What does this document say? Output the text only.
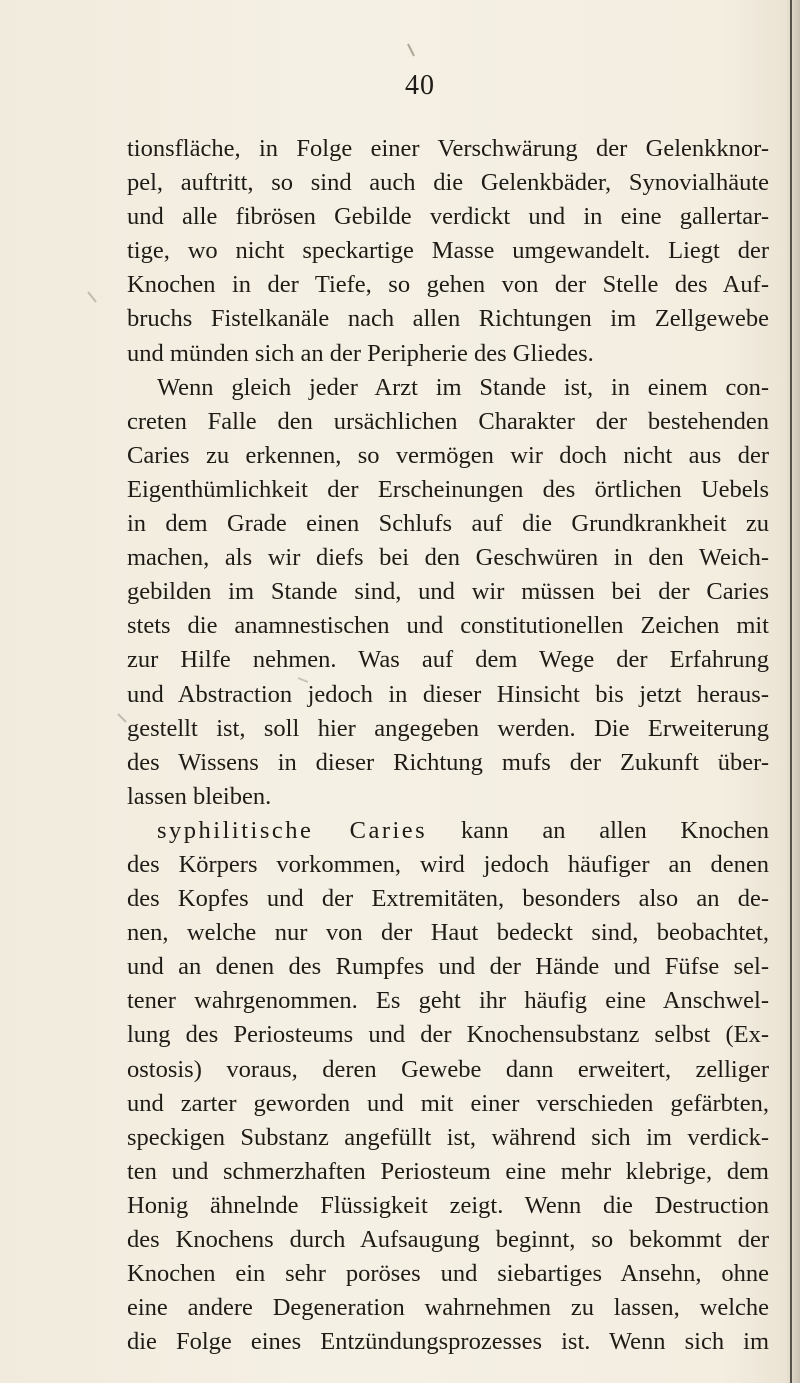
40
tionsfläche, in Folge einer Verschwärung der Gelenkknor-
pel, auftritt, so sind auch die Gelenkbäder, Synovialhäute
und alle fibrösen Gebilde verdickt und in eine gallertar-
tige, wo nicht speckartige Masse umgewandelt. Liegt der
Knochen in der Tiefe, so gehen von der Stelle des Auf-
bruchs Fistelkanäle nach allen Richtungen im Zellgewebe
und münden sich an der Peripherie des Gliedes.
Wenn gleich jeder Arzt im Stande ist, in einem con-
creten Falle den ursächlichen Charakter der bestehenden
Caries zu erkennen, so vermögen wir doch nicht aus der
Eigenthümlichkeit der Erscheinungen des örtlichen Uebels
in dem Grade einen Schlufs auf die Grundkrankheit zu
machen, als wir diefs bei den Geschwüren in den Weich-
gebilden im Stande sind, und wir müssen bei der Caries
stets die anamnestischen und constitutionellen Zeichen mit
zur Hilfe nehmen. Was auf dem Wege der Erfahrung
und Abstraction jedoch in dieser Hinsicht bis jetzt heraus-
gestellt ist, soll hier angegeben werden. Die Erweiterung
des Wissens in dieser Richtung mufs der Zukunft über-
lassen bleiben.
syphilitische Caries kann an allen Knochen
des Körpers vorkommen, wird jedoch häufiger an denen
des Kopfes und der Extremitäten, besonders also an de-
nen, welche nur von der Haut bedeckt sind, beobachtet,
und an denen des Rumpfes und der Hände und Füfse sel-
tener wahrgenommen. Es geht ihr häufig eine Anschwel-
lung des Periosteums und der Knochensubstanz selbst (Ex-
ostosis) voraus, deren Gewebe dann erweitert, zelliger
und zarter geworden und mit einer verschieden gefärbten,
speckigen Substanz angefüllt ist, während sich im verdick-
ten und schmerzhaften Periosteum eine mehr klebrige, dem
Honig ähnelnde Flüssigkeit zeigt. Wenn die Destruction
des Knochens durch Aufsaugung beginnt, so bekommt der
Knochen ein sehr poröses und siebartiges Ansehn, ohne
eine andere Degeneration wahrnehmen zu lassen, welche
die Folge eines Entzündungsprozesses ist. Wenn sich im
